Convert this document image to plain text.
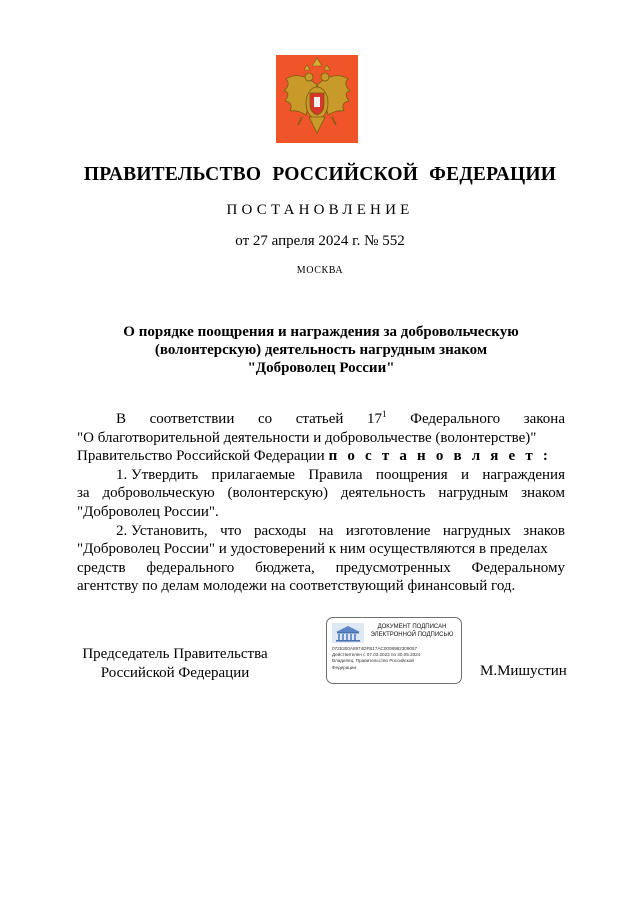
ПРАВИТЕЛЬСТВО РОССИЙСКОЙ ФЕДЕРАЦИИ
ПОСТАНОВЛЕНИЕ
от 27 апреля 2024 г. № 552
МОСКВА
О порядке поощрения и награждения за добровольческую
(волонтерскую) деятельность нагрудным знаком
"Доброволец России"
В соответствии со статьей $17^1$ Федерального закона
"О благотворительной деятельности и добровольчестве (волонтерстве)"
Правительство Российской Федерации п о с т а н о в л я е т :
1. Утвердить прилагаемые Правила поощрения и награждения
за добровольческую (волонтерскую) деятельность нагрудным знаком
"Доброволец России".
2. Установить, что расходы на изготовление нагрудных знаков
"Доброволец России" и удостоверений к ним осуществляются в пределах
средств федерального бюджета, предусмотренных Федеральному
агентству по делам молодежи на соответствующий финансовый год.
Председатель Правительства
Российской Федерации
ДОКУМЕНТ ПОДПИСАН
ЭЛЕКТРОННОЙ ПОДПИСЬЮ
0725300A8974DFB17AC0008982309057
Действителен с 07.03.2023 по 30.05.2024
Владелец: Правительство Российской
Федерации	М.Мишустин
